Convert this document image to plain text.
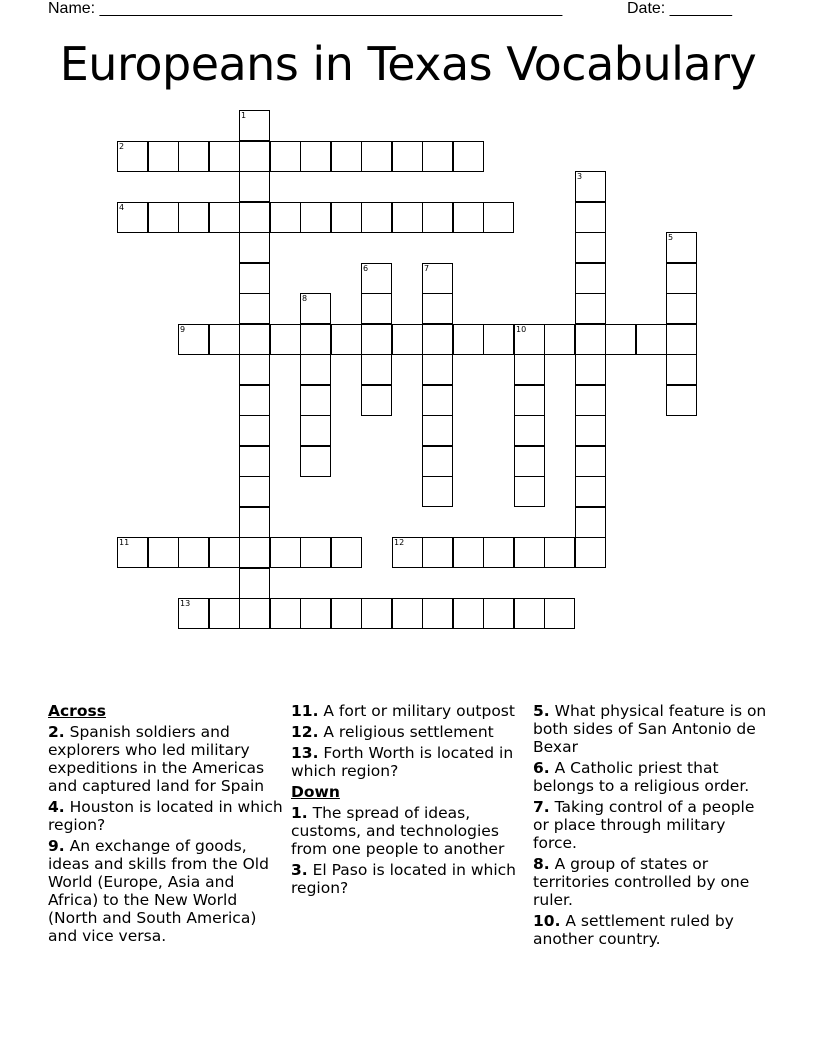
Name: ____________________________________________________	Date: _______
Europeans in Texas Vocabulary
1
2
3
4
5
6	7
8
9	10
11	12
13
Across
2. Spanish soldiers and explorers who led military expeditions in the Americas and captured land for Spain
4. Houston is located in which region?
9. An exchange of goods, ideas and skills from the Old World (Europe, Asia and Africa) to the New World (North and South America) and vice versa.
11. A fort or military outpost
12. A religious settlement
13. Forth Worth is located in which region?
Down
1. The spread of ideas, customs, and technologies from one people to another
3. El Paso is located in which region?
5. What physical feature is on both sides of San Antonio de Bexar
6. A Catholic priest that belongs to a religious order.
7. Taking control of a people or place through military force.
8. A group of states or territories controlled by one ruler.
10. A settlement ruled by another country.
